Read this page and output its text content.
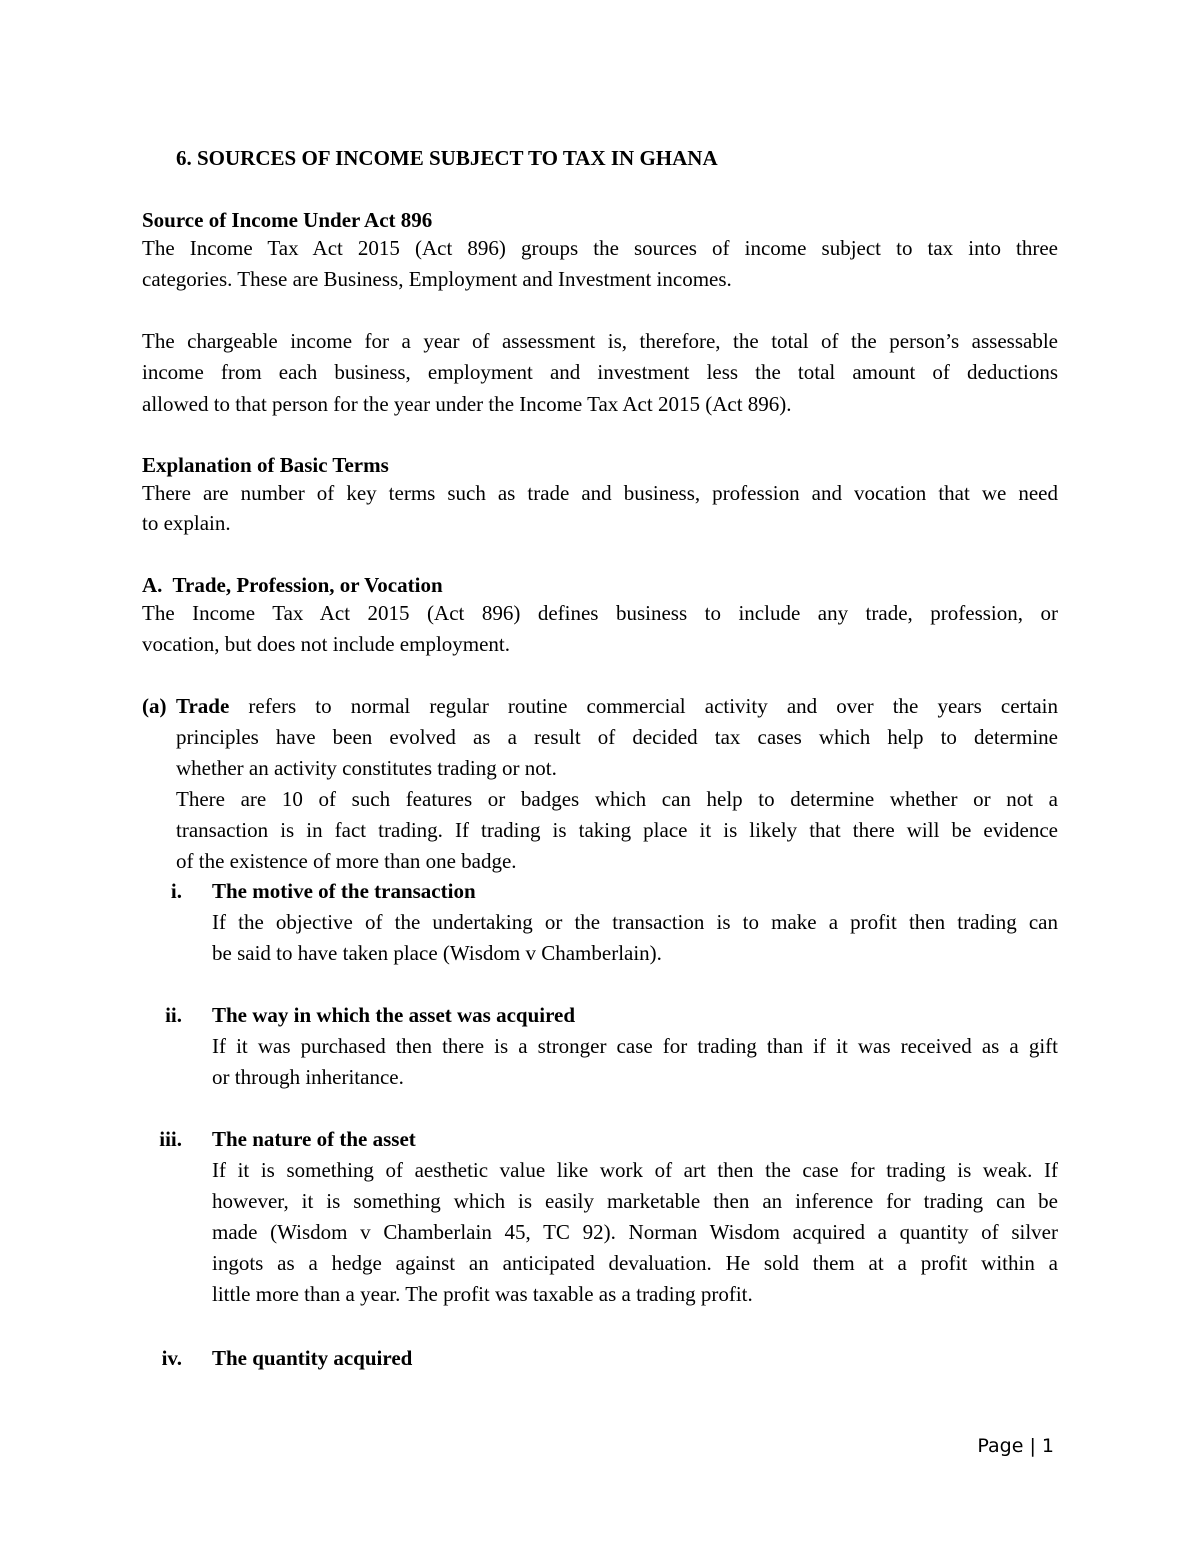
6. SOURCES OF INCOME SUBJECT TO TAX IN GHANA
Source of Income Under Act 896
The Income Tax Act 2015 (Act 896) groups the sources of income subject to tax into three
categories. These are Business, Employment and Investment incomes.
The chargeable income for a year of assessment is, therefore, the total of the person’s assessable
income from each business, employment and investment less the total amount of deductions
allowed to that person for the year under the Income Tax Act 2015 (Act 896).
Explanation of Basic Terms
There are number of key terms such as trade and business, profession and vocation that we need
to explain.
A. Trade, Profession, or Vocation
The Income Tax Act 2015 (Act 896) defines business to include any trade, profession, or
vocation, but does not include employment.
(a) Trade refers to normal regular routine commercial activity and over the years certain
principles have been evolved as a result of decided tax cases which help to determine
whether an activity constitutes trading or not.
There are 10 of such features or badges which can help to determine whether or not a
transaction is in fact trading. If trading is taking place it is likely that there will be evidence
of the existence of more than one badge.
i. The motive of the transaction
If the objective of the undertaking or the transaction is to make a profit then trading can
be said to have taken place (Wisdom v Chamberlain).
ii. The way in which the asset was acquired
If it was purchased then there is a stronger case for trading than if it was received as a gift
or through inheritance.
iii. The nature of the asset
If it is something of aesthetic value like work of art then the case for trading is weak. If
however, it is something which is easily marketable then an inference for trading can be
made (Wisdom v Chamberlain 45, TC 92). Norman Wisdom acquired a quantity of silver
ingots as a hedge against an anticipated devaluation. He sold them at a profit within a
little more than a year. The profit was taxable as a trading profit.
iv. The quantity acquired
Page | 1
